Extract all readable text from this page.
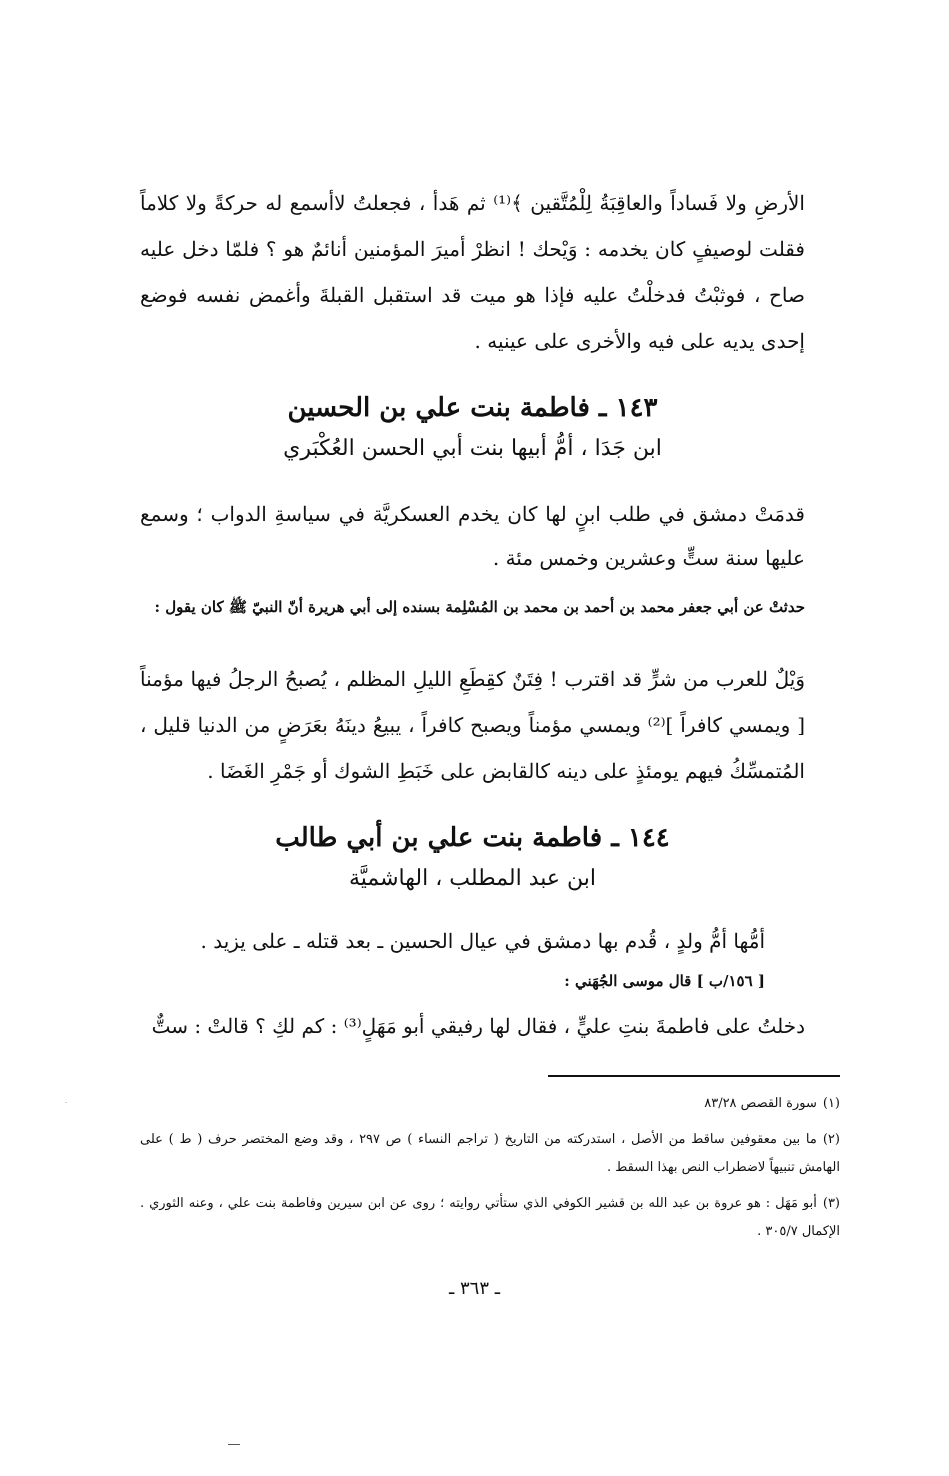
الأرضِ ولا فَساداً والعاقِبَةُ لِلْمُتَّقين ﴾⁽¹⁾ ثم هَدأ ، فجعلتُ لاأسمع له حركةً ولا كلاماً فقلت لوصيفٍ كان يخدمه : وَيْحك ! انظرْ أميرَ المؤمنين أنائمٌ هو ؟ فلمّا دخل عليه صاح ، فوثبْتُ فدخلْتُ عليه فإذا هو ميت قد استقبل القبلةَ وأغمض نفسه فوضع إحدى يديه على فيه والأخرى على عينيه .
١٤٣ ـ فاطمة بنت علي بن الحسين
ابن جَدَا ، أمُّ أبيها بنت أبي الحسن العُكْبَري
قدمَتْ دمشق في طلب ابنٍ لها كان يخدم العسكريَّة في سياسةِ الدواب ؛ وسمع عليها سنة ستٍّ وعشرين وخمس مئة .
حدثتْ عن أبي جعفر محمد بن أحمد بن محمد بن المُسْلِمة بسنده إلى أبي هريرة أنّ النبيّ ﷺ كان يقول :
وَيْلٌ للعرب من شرٍّ قد اقترب ! فِتَنٌ كقِطَعِ الليلِ المظلم ، يُصبحُ الرجلُ فيها مؤمناً [ ويمسي كافراً ]⁽²⁾ ويمسي مؤمناً ويصبح كافراً ، يبيعُ دينَهُ بعَرَضٍ من الدنيا قليل ، المُتمسِّكُ فيهم يومئذٍ على دينه كالقابض على خَبَطِ الشوك أو جَمْرِ الغَضَا .
١٤٤ ـ فاطمة بنت علي بن أبي طالب
ابن عبد المطلب ، الهاشميَّة
أمُّها أمُّ ولدٍ ، قُدم بها دمشق في عيال الحسين ـ بعد قتله ـ على يزيد .
[ ١٥٦/ب ] قال موسى الجُهَني :
دخلتُ على فاطمةَ بنتِ عليٍّ ، فقال لها رفيقي أبو مَهَلٍ⁽³⁾ : كم لكِ ؟ قالتْ : ستٌّ

(١)سورة القصص ٨٣/٢٨

(٢)ما بين معقوفين ساقط من الأصل ، استدركته من التاريخ ( تراجم النساء ) ص ٢٩٧ ، وقد وضع المختصر حرف ( ط ) على الهامش تنبيهاً لاضطراب النص بهذا السقط .

(٣)أبو مَهَل : هو عروة بن عبد الله بن قشير الكوفي الذي ستأتي روايته ؛ روى عن ابن سيرين وفاطمة بنت علي ، وعنه الثوري . الإكمال ٣٠٥/٧ .

ـ ٣٦٣ ـ
